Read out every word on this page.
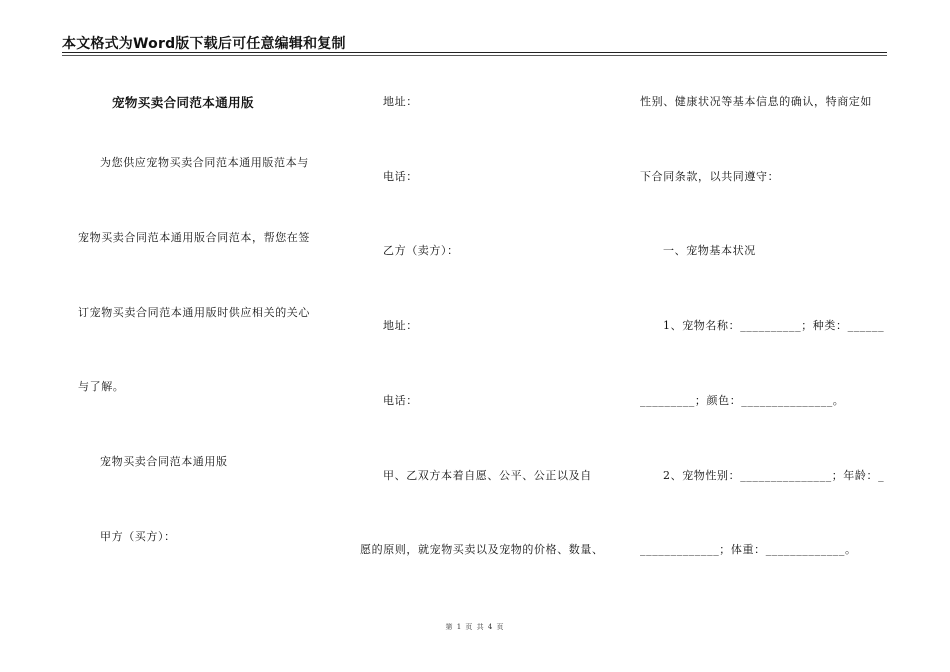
本文格式为Word版下载后可任意编辑和复制
宠物买卖合同范本通用版
为您供应宠物买卖合同范本通用版范本与
宠物买卖合同范本通用版合同范本，帮您在签
订宠物买卖合同范本通用版时供应相关的关心
与了解。
宠物买卖合同范本通用版
甲方（买方）：
地址：
电话：
乙方（卖方）：
地址：
电话：
甲、乙双方本着自愿、公平、公正以及自
愿的原则，就宠物买卖以及宠物的价格、数量、
性别、健康状况等基本信息的确认，特商定如
下合同条款，以共同遵守：
一、宠物基本状况
1、宠物名称：__________；种类：______
_________；颜色：_______________。
2、宠物性别：_______________；年龄：_
_____________；体重：_____________。
第 1 页 共 4 页
